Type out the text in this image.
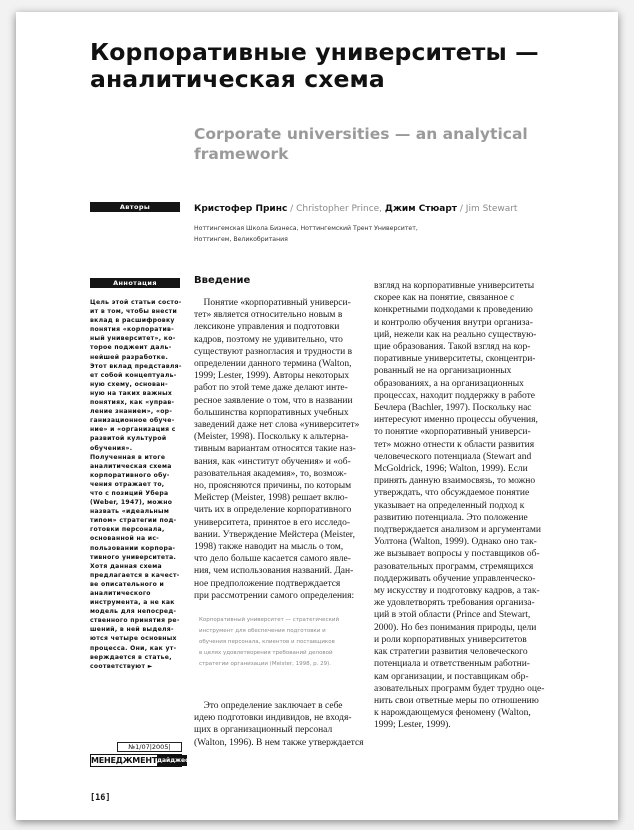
Корпоративные университеты — аналитическая схема
Corporate universities — an analytical framework
Авторы	Кристофер Принс / Christopher Prince, Джим Стюарт / Jim Stewart
Ноттингемская Школа Бизнеса, Ноттингемский Трент Университет,
Ноттингем, Великобритания
Аннотация
Цель этой статьи состо-
ит в том, чтобы внести
вклад в расшифровку
понятия «корпоратив-
ный университет», ко-
торое поджеит даль-
нейшей разработке.
Этот вклад представля-
ет собой концептуаль-
ную схему, основан-
ную на таких важных
понятиях, как «управ-
ление знанием», «ор-
ганизационное обуче-
ние» и «организация с
развитой культурой
обучения».
Полученная в итоге
аналитическая схема
корпоративного обу-
чения отражает то,
что с позиций Убера
(Weber, 1947), можно
назвать «идеальным
типом» стратегии под-
готовки персонала,
основанной на ис-
пользовании корпора-
тивного университета.
Хотя данная схема
предлагается в качест-
ве описательного и
аналитического
инструмента, а не как
модель для непосред-
ственного принятия ре-
шений, в ней выделя-
ются четыре основных
процесса. Они, как ут-
верждается в статье,
соответствуют ►
Введение
Понятие «корпоративный универси-
тет» является относительно новым в
лексиконе управления и подготовки
кадров, поэтому не удивительно, что
существуют разногласия и трудности в
определении данного термина (Walton,
1999; Lester, 1999). Авторы некоторых
работ по этой теме даже делают инте-
ресное заявление о том, что в названии
большинства корпоративных учебных
заведений даже нет слова «университет»
(Meister, 1998). Поскольку к альтерна-
тивным вариантам относятся такие наз-
вания, как «институт обучения» и «об-
разовательная академия», то, возмож-
но, проясняются причины, по которым
Мейстер (Meister, 1998) решает вклю-
чить их в определение корпоративного
университета, принятое в его исследо-
вании. Утверждение Мейстера (Meister,
1998) также наводит на мысль о том,
что дело больше касается самого явле-
ния, чем использования названий. Дан-
ное предположение подтверждается
при рассмотрении самого определения:
Корпоративный университет — стратегический
инструмент для обеспечения подготовки и
обучения персонала, клиентов и поставщиков
в целях удовлетворения требований деловой
стратегии организации (Meister, 1998, p. 29).
Это определение заключает в себе
идею подготовки индивидов, не входя-
щих в организационный персонал
(Walton, 1996). В нем также утверждается
взгляд на корпоративные университеты
скорее как на понятие, связанное с
конкретными подходами к проведению
и контролю обучения внутри организа-
ций, нежели как на реально существую-
щие образования. Такой взгляд на кор-
поративные университеты, сконцентри-
рованный не на организационных
образованиях, а на организационных
процессах, находит поддержку в работе
Бечлера (Bachler, 1997). Поскольку нас
интересуют именно процессы обучения,
то понятие «корпоративный универси-
тет» можно отнести к области развития
человеческого потенциала (Stewart and
McGoldrick, 1996; Walton, 1999). Если
принять данную взаимосвязь, то можно
утверждать, что обсуждаемое понятие
указывает на определенный подход к
развитию потенциала. Это положение
подтверждается анализом и аргументами
Уолтона (Walton, 1999). Однако оно так-
же вызывает вопросы у поставщиков об-
разовательных программ, стремящихся
поддерживать обучение управленческо-
му искусству и подготовку кадров, а так-
же удовлетворять требования организа-
ций в этой области (Prince and Stewart,
2000). Но без понимания природы, цели
и роли корпоративных университетов
как стратегии развития человеческого
потенциала и ответственным работни-
кам организации, и поставщикам обр-
азовательных программ будет трудно оце-
нить свои ответные меры по отношению
к нарождающемуся феномену (Walton,
1999; Lester, 1999).
№1/07|2005|
МЕНЕДЖМЕНТ дайджест
[16]
